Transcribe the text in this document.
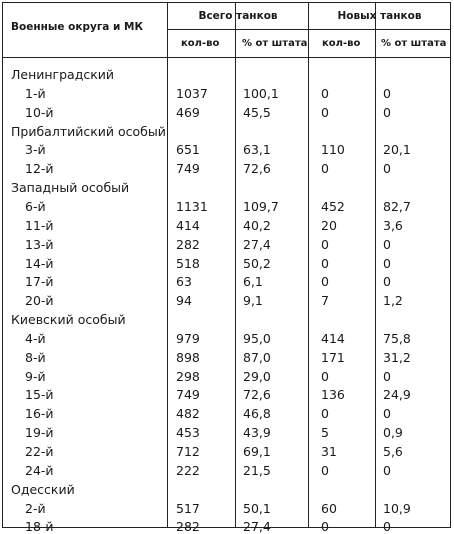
Военные округа и МК
Всего танков	Новых танков
кол-во % от штата кол-во % от штата
Ленинградский
1-й	1037	100,1	0	0
10-й	469	45,5	0	0
Прибалтийский особый
3-й	651	63,1	110	20,1
12-й	749	72,6	0	0
Западный особый
6-й	1131	109,7	452	82,7
11-й	414	40,2	20	3,6
13-й	282	27,4	0	0
14-й	518	50,2	0	0
17-й	63	6,1	0	0
20-й	94	9,1	7	1,2
Киевский особый
4-й	979	95,0	414	75,8
8-й	898	87,0	171	31,2
9-й	298	29,0	0	0
15-й	749	72,6	136	24,9
16-й	482	46,8	0	0
19-й	453	43,9	5	0,9
22-й	712	69,1	31	5,6
24-й	222	21,5	0	0
Одесский
2-й	517	50,1	60	10,9
18-й	282	27,4	0	0
